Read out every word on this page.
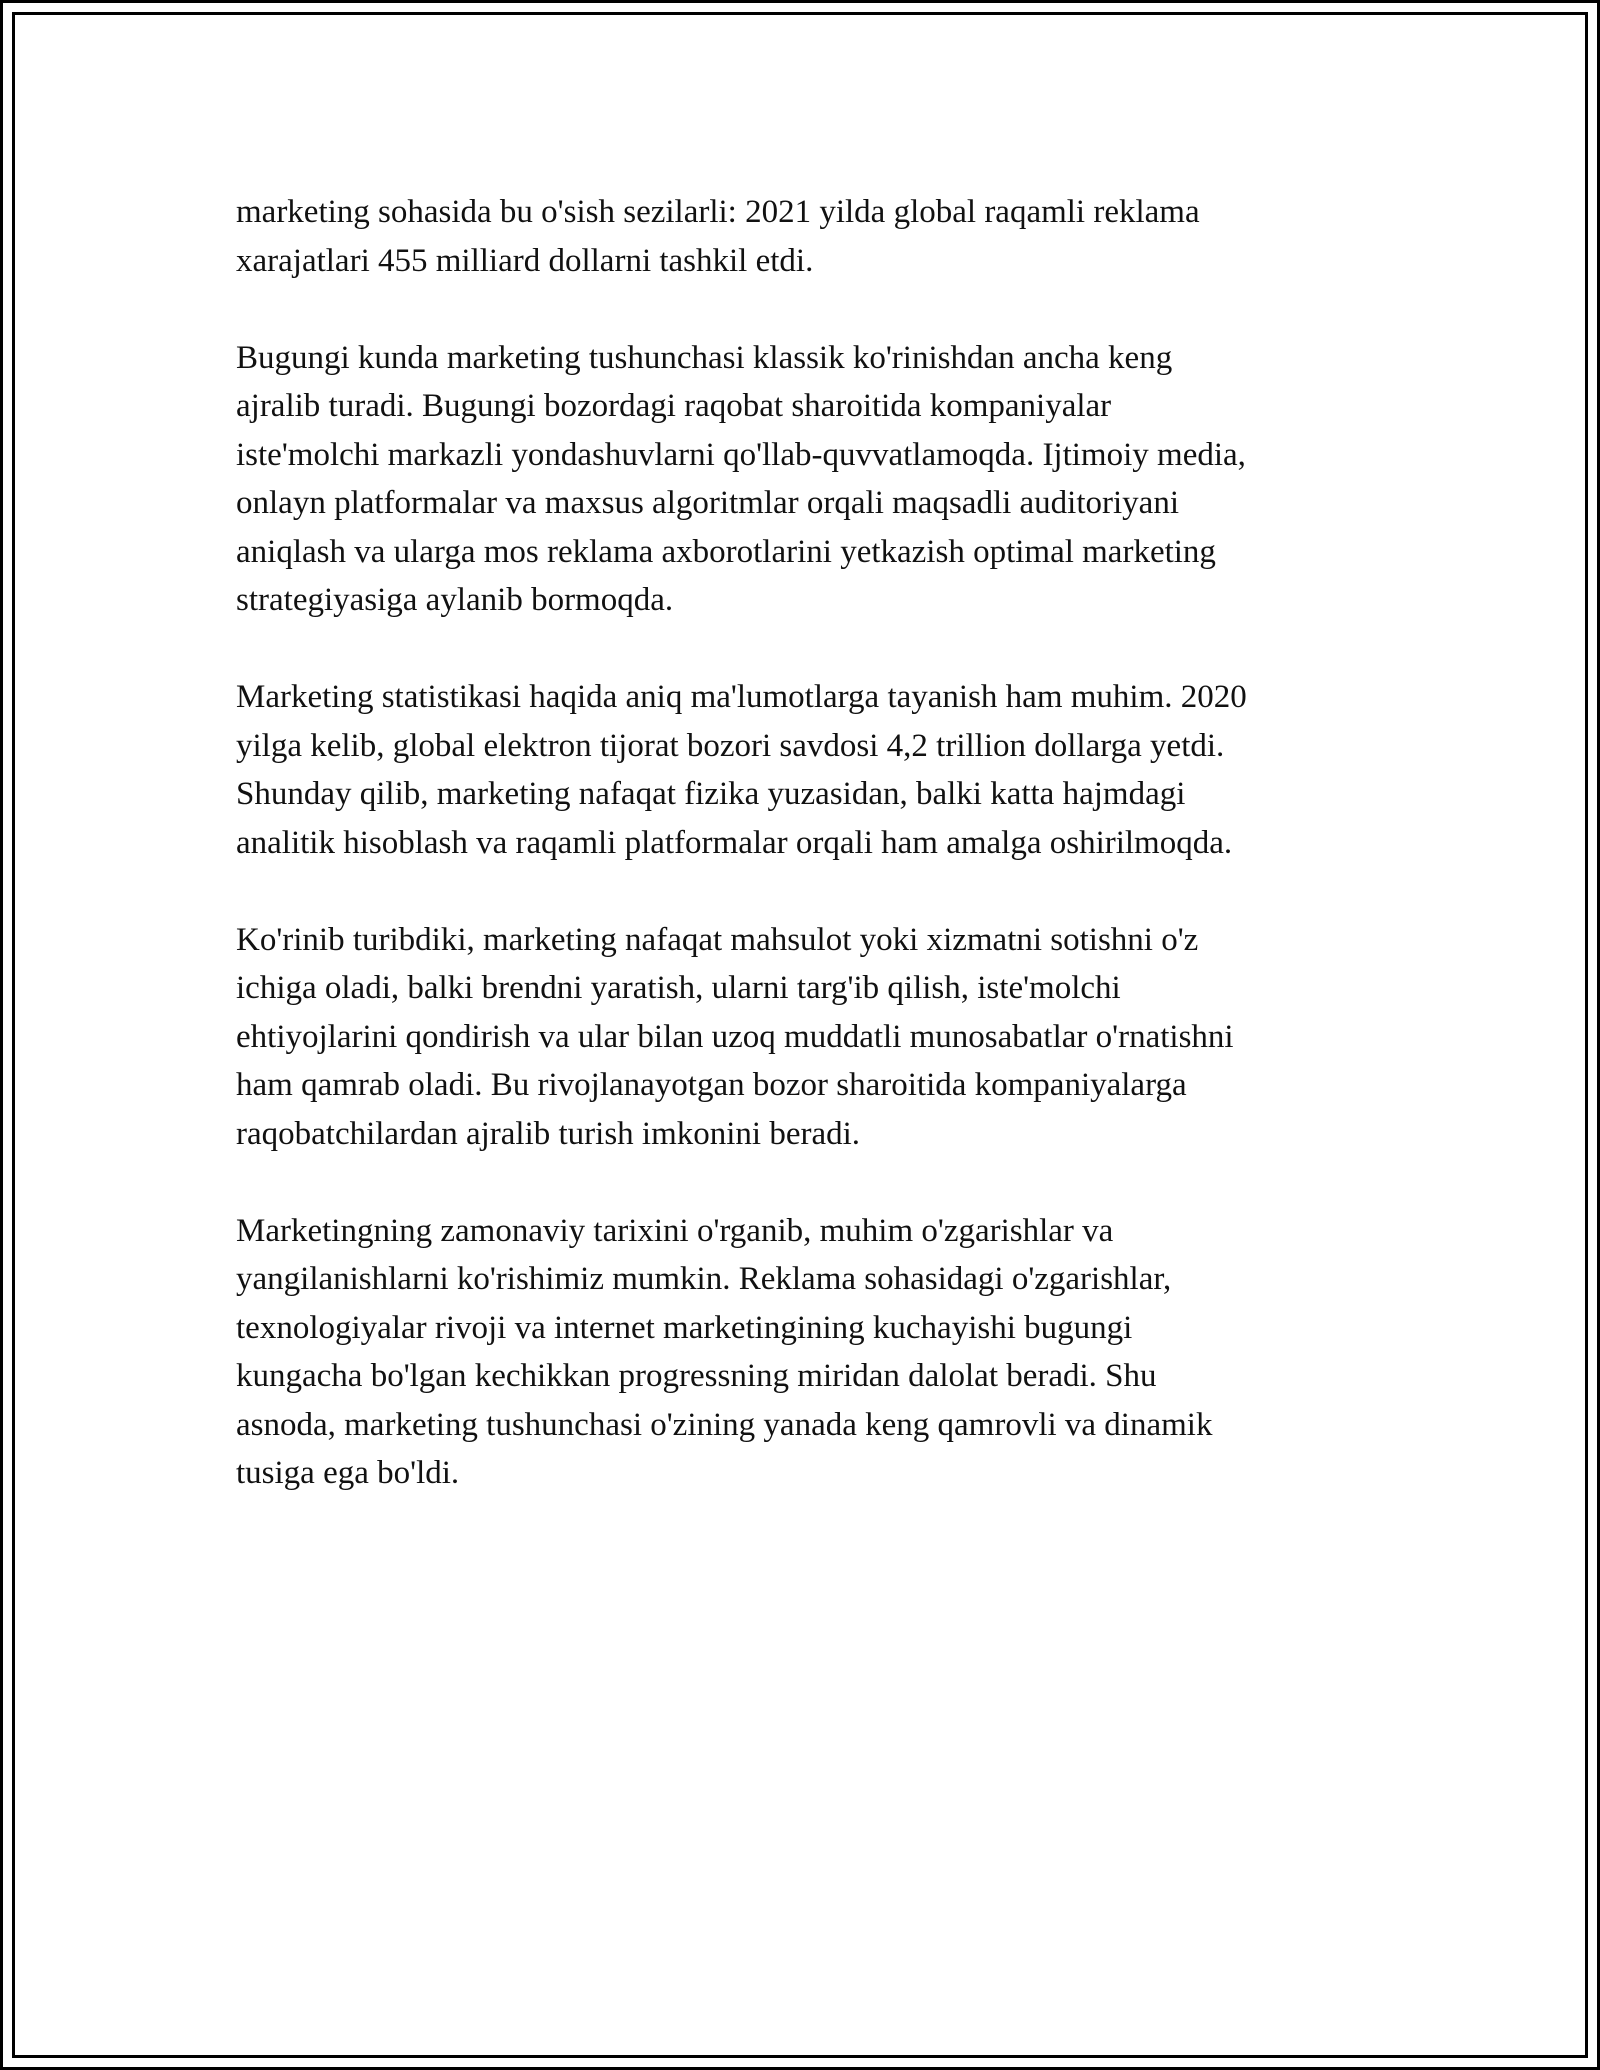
marketing sohasida bu o'sish sezilarli: 2021 yilda global raqamli reklama
xarajatlari 455 milliard dollarni tashkil etdi.

Bugungi kunda marketing tushunchasi klassik ko'rinishdan ancha keng
ajralib turadi. Bugungi bozordagi raqobat sharoitida kompaniyalar
iste'molchi markazli yondashuvlarni qo'llab-quvvatlamoqda. Ijtimoiy media,
onlayn platformalar va maxsus algoritmlar orqali maqsadli auditoriyani
aniqlash va ularga mos reklama axborotlarini yetkazish optimal marketing
strategiyasiga aylanib bormoqda.

Marketing statistikasi haqida aniq ma'lumotlarga tayanish ham muhim. 2020
yilga kelib, global elektron tijorat bozori savdosi 4,2 trillion dollarga yetdi.
Shunday qilib, marketing nafaqat fizika yuzasidan, balki katta hajmdagi
analitik hisoblash va raqamli platformalar orqali ham amalga oshirilmoqda.

Ko'rinib turibdiki, marketing nafaqat mahsulot yoki xizmatni sotishni o'z
ichiga oladi, balki brendni yaratish, ularni targ'ib qilish, iste'molchi
ehtiyojlarini qondirish va ular bilan uzoq muddatli munosabatlar o'rnatishni
ham qamrab oladi. Bu rivojlanayotgan bozor sharoitida kompaniyalarga
raqobatchilardan ajralib turish imkonini beradi.

Marketingning zamonaviy tarixini o'rganib, muhim o'zgarishlar va
yangilanishlarni ko'rishimiz mumkin. Reklama sohasidagi o'zgarishlar,
texnologiyalar rivoji va internet marketingining kuchayishi bugungi
kungacha bo'lgan kechikkan progressning miridan dalolat beradi. Shu
asnoda, marketing tushunchasi o'zining yanada keng qamrovli va dinamik
tusiga ega bo'ldi.
